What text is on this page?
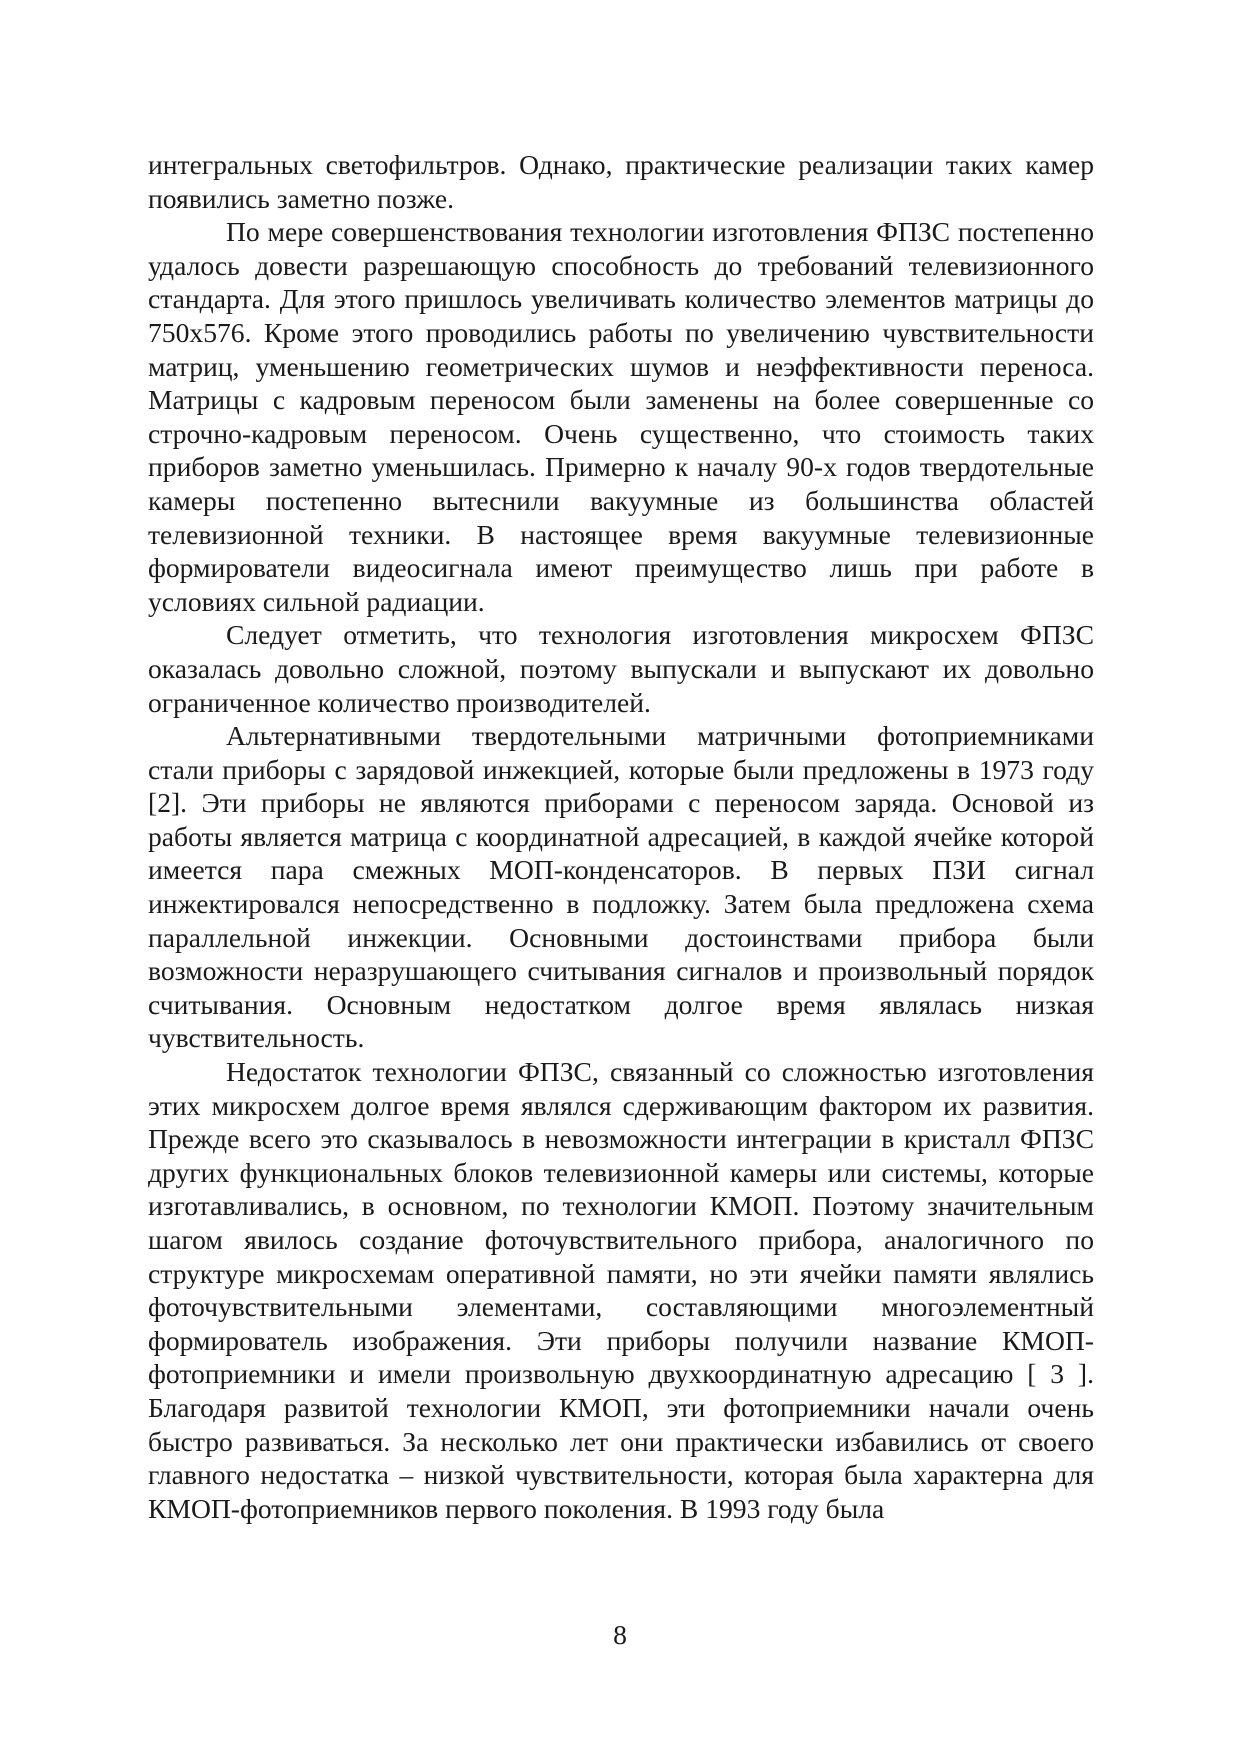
интегральных светофильтров. Однако, практические реализации таких камер появились заметно позже.

По мере совершенствования технологии изготовления ФПЗС постепенно удалось довести разрешающую способность до требований телевизионного стандарта. Для этого пришлось увеличивать количество элементов матрицы до 750х576. Кроме этого проводились работы по увеличению чувствительности матриц, уменьшению геометрических шумов и неэффективности переноса. Матрицы с кадровым переносом были заменены на более совершенные со строчно-кадровым переносом. Очень существенно, что стоимость таких приборов заметно уменьшилась. Примерно к началу 90-х годов твердотельные камеры постепенно вытеснили вакуумные из большинства областей телевизионной техники. В настоящее время вакуумные телевизионные формирователи видеосигнала имеют преимущество лишь при работе в условиях сильной радиации.

Следует отметить, что технология изготовления микросхем ФПЗС оказалась довольно сложной, поэтому выпускали и выпускают их довольно ограниченное количество производителей.

Альтернативными твердотельными матричными фотоприемниками стали приборы с зарядовой инжекцией, которые были предложены в 1973 году [2]. Эти приборы не являются приборами с переносом заряда. Основой из работы является матрица с координатной адресацией, в каждой ячейке которой имеется пара смежных МОП-конденсаторов. В первых ПЗИ сигнал инжектировался непосредственно в подложку. Затем была предложена схема параллельной инжекции. Основными достоинствами прибора были возможности неразрушающего считывания сигналов и произвольный порядок считывания. Основным недостатком долгое время являлась низкая чувствительность.

Недостаток технологии ФПЗС, связанный со сложностью изготовления этих микросхем долгое время являлся сдерживающим фактором их развития. Прежде всего это сказывалось в невозможности интеграции в кристалл ФПЗС других функциональных блоков телевизионной камеры или системы, которые изготавливались, в основном, по технологии КМОП. Поэтому значительным шагом явилось создание фоточувствительного прибора, аналогичного по структуре микросхемам оперативной памяти, но эти ячейки памяти являлись фоточувствительными элементами, составляющими многоэлементный формирователь изображения. Эти приборы получили название КМОП-фотоприемники и имели произвольную двухкоординатную адресацию [ 3 ]. Благодаря развитой технологии КМОП, эти фотоприемники начали очень быстро развиваться. За несколько лет они практически избавились от своего главного недостатка – низкой чувствительности, которая была характерна для КМОП-фотоприемников первого поколения. В 1993 году была

8
